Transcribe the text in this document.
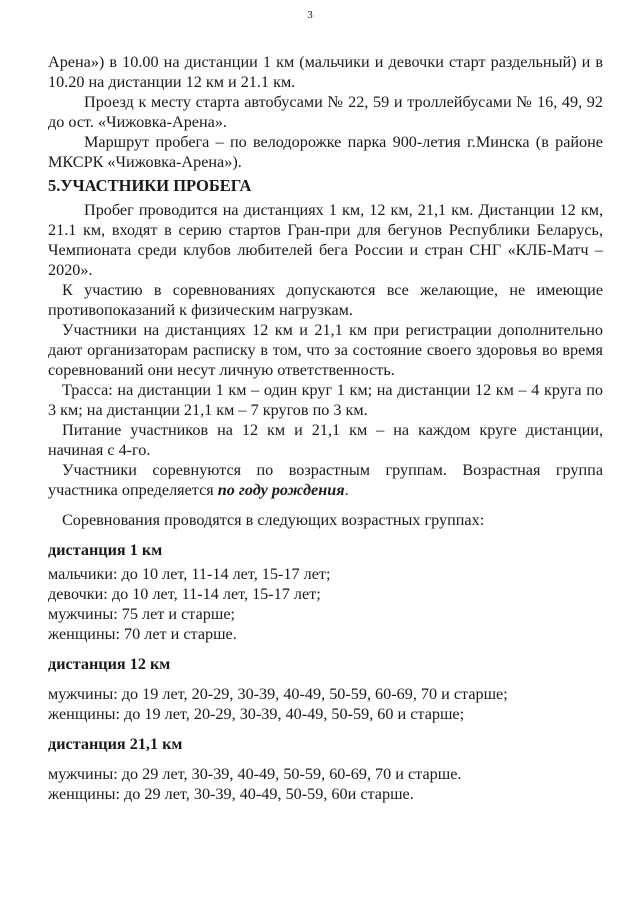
3

Арена») в 10.00 на дистанции 1 км (мальчики и девочки старт раздельный) и в 10.20 на дистанции 12 км и 21.1 км.

Проезд к месту старта автобусами № 22, 59 и троллейбусами № 16, 49, 92 до ост. «Чижовка-Арена».

Маршрут пробега – по велодорожке парка 900-летия г.Минска (в районе МКСРК «Чижовка-Арена»).

5.УЧАСТНИКИ ПРОБЕГА

Пробег проводится на дистанциях 1 км, 12 км, 21,1 км. Дистанции 12 км, 21.1 км, входят в серию стартов Гран-при для бегунов Республики Беларусь, Чемпионата среди клубов любителей бега России и стран СНГ «КЛБ-Матч – 2020».

К участию в соревнованиях допускаются все желающие, не имеющие противопоказаний к физическим нагрузкам.

Участники на дистанциях 12 км и 21,1 км при регистрации дополнительно дают организаторам расписку в том, что за состояние своего здоровья во время соревнований они несут личную ответственность.

Трасса: на дистанции 1 км – один круг 1 км; на дистанции 12 км – 4 круга по 3 км; на дистанции 21,1 км – 7 кругов по 3 км.

Питание участников на 12 км и 21,1 км – на каждом круге дистанции, начиная с 4-го.

Участники соревнуются по возрастным группам. Возрастная группа участника определяется по году рождения.

Соревнования проводятся в следующих возрастных группах:

дистанция 1 км

мальчики: до 10 лет, 11-14 лет, 15-17 лет;

девочки: до 10 лет, 11-14 лет, 15-17 лет;

мужчины: 75 лет и старше;

женщины: 70 лет и старше.

дистанция 12 км

мужчины: до 19 лет, 20-29, 30-39, 40-49, 50-59, 60-69, 70 и старше;

женщины: до 19 лет, 20-29, 30-39, 40-49, 50-59, 60 и старше;

дистанция 21,1 км

мужчины: до 29 лет, 30-39, 40-49, 50-59, 60-69, 70 и старше.

женщины: до 29 лет, 30-39, 40-49, 50-59, 60и старше.
